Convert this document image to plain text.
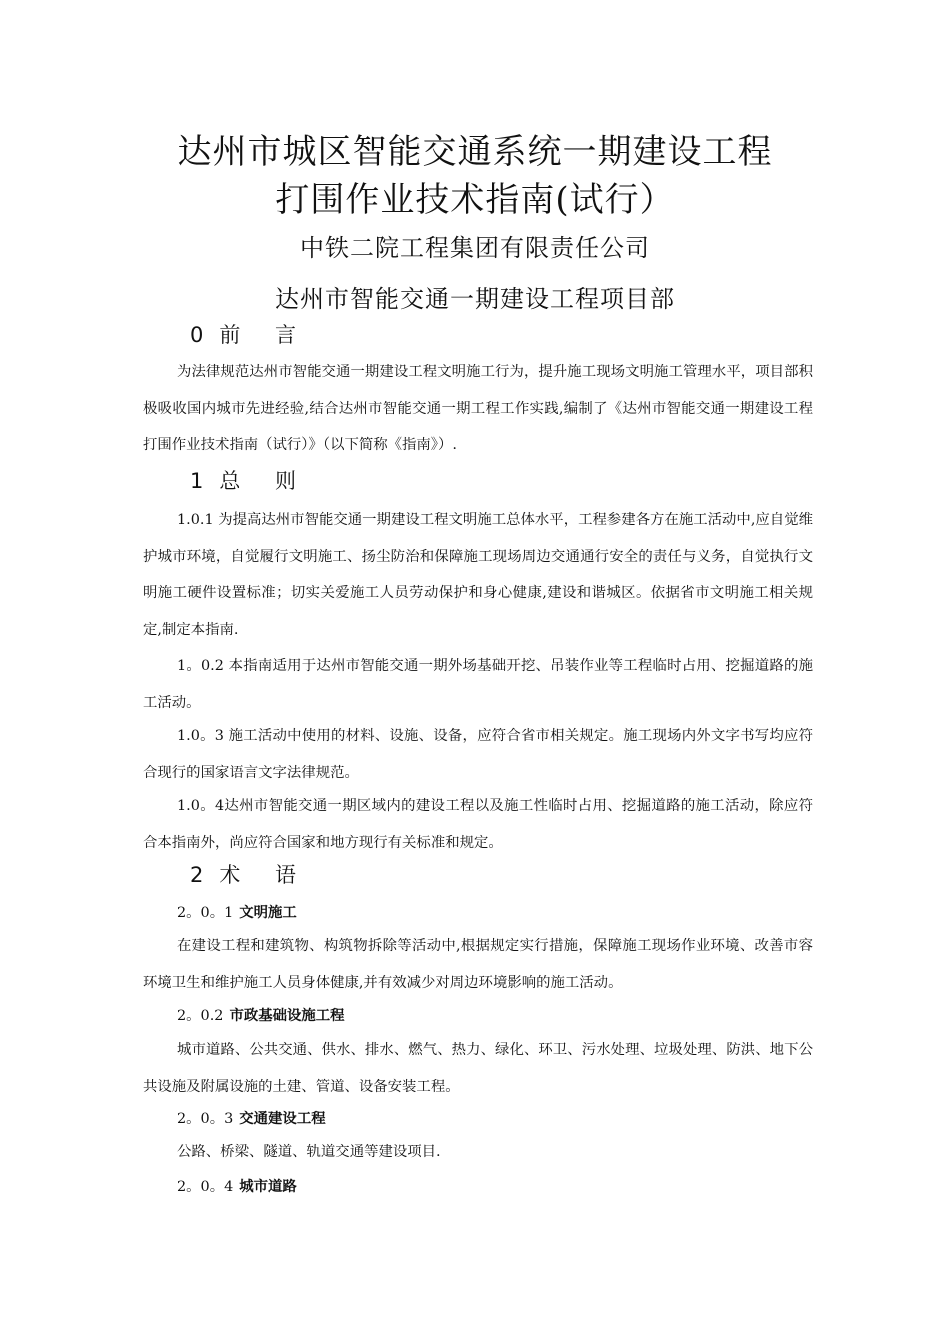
达州市城区智能交通系统一期建设工程
打围作业技术指南(试行）
中铁二院工程集团有限责任公司
达州市智能交通一期建设工程项目部
0 前 言

为法律规范达州市智能交通一期建设工程文明施工行为，提升施工现场文明施工管理水平，项目部积极吸收国内城市先进经验,结合达州市智能交通一期工程工作实践,编制了《达州市智能交通一期建设工程打围作业技术指南（试行）》（以下简称《指南》）.

1 总 则

1.0.1 为提高达州市智能交通一期建设工程文明施工总体水平，工程参建各方在施工活动中,应自觉维护城市环境，自觉履行文明施工、扬尘防治和保障施工现场周边交通通行安全的责任与义务，自觉执行文明施工硬件设置标准；切实关爱施工人员劳动保护和身心健康,建设和谐城区。依据省市文明施工相关规定,制定本指南.

1。0.2 本指南适用于达州市智能交通一期外场基础开挖、吊装作业等工程临时占用、挖掘道路的施工活动。

1.0。3 施工活动中使用的材料、设施、设备，应符合省市相关规定。施工现场内外文字书写均应符合现行的国家语言文字法律规范。

1.0。4达州市智能交通一期区域内的建设工程以及施工性临时占用、挖掘道路的施工活动，除应符合本指南外，尚应符合国家和地方现行有关标准和规定。

2 术 语
2。0。1 文明施工

在建设工程和建筑物、构筑物拆除等活动中,根据规定实行措施，保障施工现场作业环境、改善市容环境卫生和维护施工人员身体健康,并有效减少对周边环境影响的施工活动。

2。0.2 市政基础设施工程

城市道路、公共交通、供水、排水、燃气、热力、绿化、环卫、污水处理、垃圾处理、防洪、地下公共设施及附属设施的土建、管道、设备安装工程。

2。0。3 交通建设工程

公路、桥梁、隧道、轨道交通等建设项目.

2。0。4 城市道路
